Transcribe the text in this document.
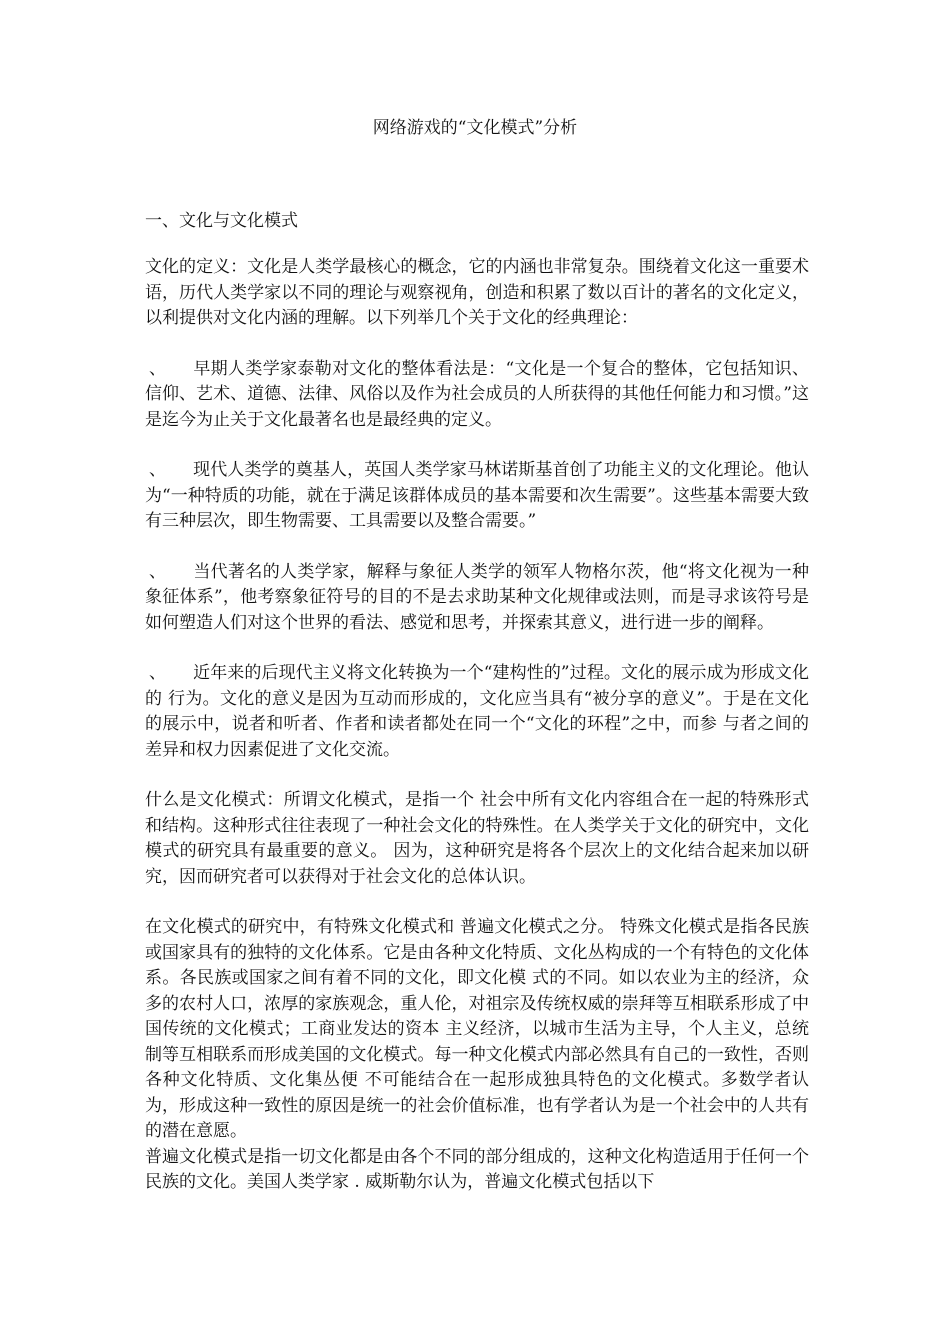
网络游戏的“文化模式”分析
一、文化与文化模式

文化的定义：文化是人类学最核心的概念，它的内涵也非常复杂。围绕着文化这一重要术语，历代人类学家以不同的理论与观察视角，创造和积累了数以百计的著名的文化定义，以利提供对文化内涵的理解。以下列举几个关于文化的经典理论：

、 早期人类学家泰勒对文化的整体看法是：“文化是一个复合的整体，它包括知识、信仰、艺术、道德、法律、风俗以及作为社会成员的人所获得的其他任何能力和习惯。”这是迄今为止关于文化最著名也是最经典的定义。

、 现代人类学的奠基人，英国人类学家马林诺斯基首创了功能主义的文化理论。他认为“一种特质的功能，就在于满足该群体成员的基本需要和次生需要”。这些基本需要大致有三种层次，即生物需要、工具需要以及整合需要。”

、 当代著名的人类学家，解释与象征人类学的领军人物格尔茨，他“将文化视为一种象征体系”，他考察象征符号的目的不是去求助某种文化规律或法则，而是寻求该符号是如何塑造人们对这个世界的看法、感觉和思考，并探索其意义，进行进一步的阐释。

、 近年来的后现代主义将文化转换为一个“建构性的”过程。文化的展示成为形成文化的 行为。文化的意义是因为互动而形成的，文化应当具有“被分享的意义”。于是在文化的展示中，说者和听者、作者和读者都处在同一个“文化的环程”之中，而参 与者之间的差异和权力因素促进了文化交流。

什么是文化模式：所谓文化模式，是指一个 社会中所有文化内容组合在一起的特殊形式和结构。这种形式往往表现了一种社会文化的特殊性。在人类学关于文化的研究中，文化模式的研究具有最重要的意义。 因为，这种研究是将各个层次上的文化结合起来加以研究，因而研究者可以获得对于社会文化的总体认识。

在文化模式的研究中，有特殊文化模式和 普遍文化模式之分。 特殊文化模式是指各民族或国家具有的独特的文化体系。它是由各种文化特质、文化丛构成的一个有特色的文化体系。各民族或国家之间有着不同的文化，即文化模 式的不同。如以农业为主的经济，众多的农村人口，浓厚的家族观念，重人伦，对祖宗及传统权威的崇拜等互相联系形成了中国传统的文化模式；工商业发达的资本 主义经济，以城市生活为主导，个人主义，总统制等互相联系而形成美国的文化模式。每一种文化模式内部必然具有自己的一致性，否则各种文化特质、文化集丛便 不可能结合在一起形成独具特色的文化模式。多数学者认为，形成这种一致性的原因是统一的社会价值标准，也有学者认为是一个社会中的人共有的潜在意愿。

普遍文化模式是指一切文化都是由各个不同的部分组成的，这种文化构造适用于任何一个民族的文化。美国人类学家 . 威斯勒尔认为，普遍文化模式包括以下
